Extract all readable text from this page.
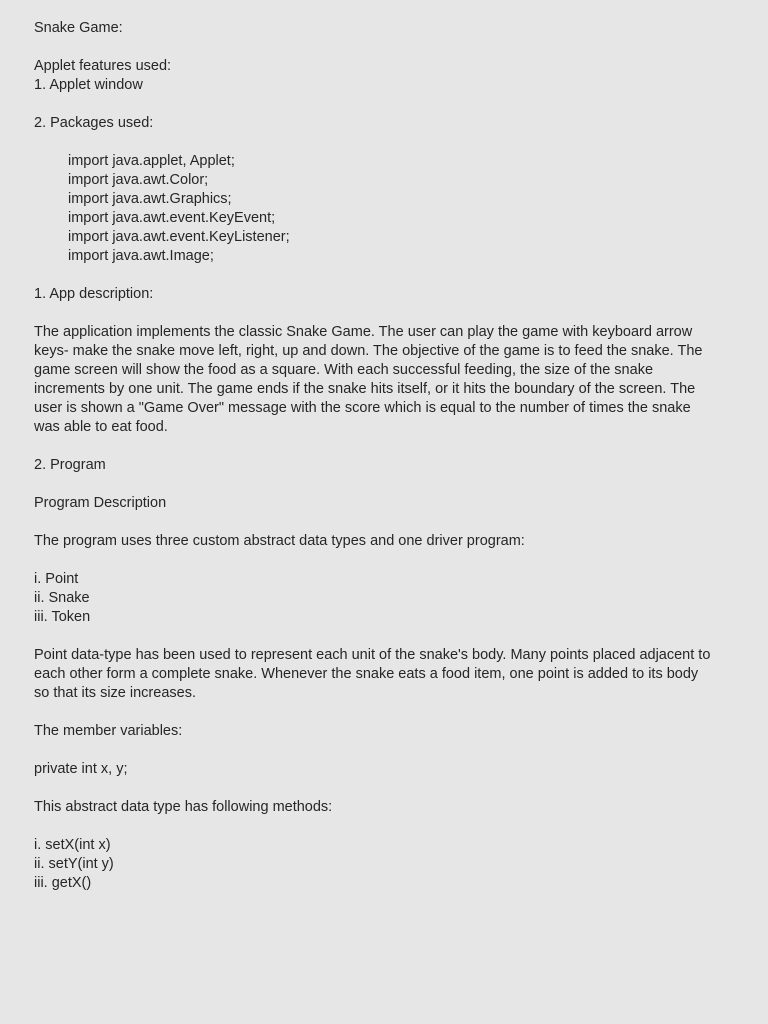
Snake Game:
Applet features used:
1. Applet window
2. Packages used:
import java.applet, Applet;
import java.awt.Color;
import java.awt.Graphics;
import java.awt.event.KeyEvent;
import java.awt.event.KeyListener;
import java.awt.Image;
1. App description:
The application implements the classic Snake Game. The user can play the game with keyboard arrow
keys- make the snake move left, right, up and down. The objective of the game is to feed the snake. The
game screen will show the food as a square. With each successful feeding, the size of the snake
increments by one unit. The game ends if the snake hits itself, or it hits the boundary of the screen. The
user is shown a "Game Over" message with the score which is equal to the number of times the snake
was able to eat food.
2. Program
Program Description
The program uses three custom abstract data types and one driver program:
i. Point
ii. Snake
iii. Token
Point data-type has been used to represent each unit of the snake's body. Many points placed adjacent to
each other form a complete snake. Whenever the snake eats a food item, one point is added to its body
so that its size increases.
The member variables:
private int x, y;
This abstract data type has following methods:
i. setX(int x)
ii. setY(int y)
iii. getX()
